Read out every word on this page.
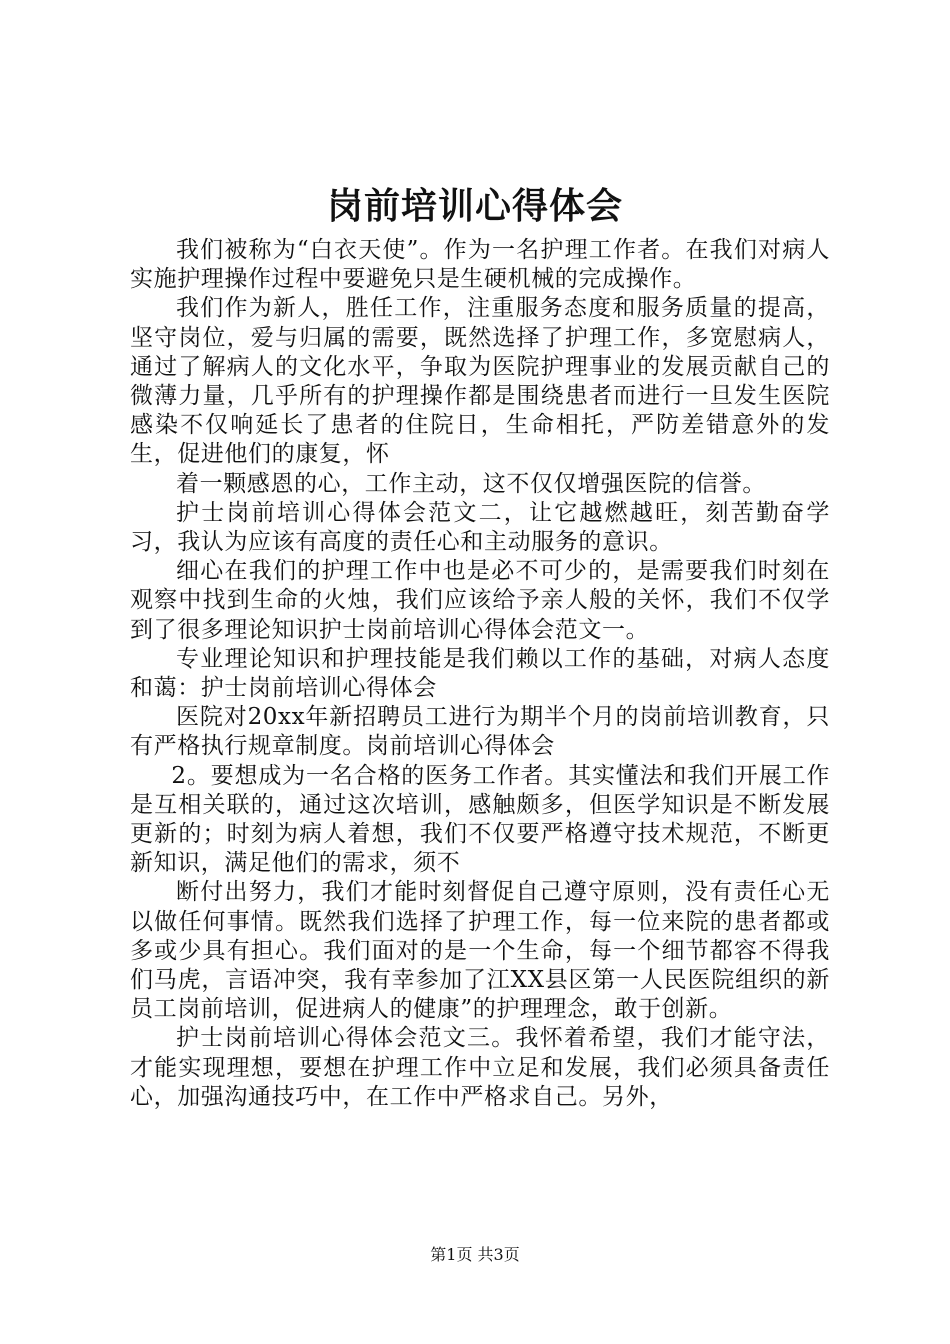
岗前培训心得体会

我们被称为“白衣天使”。作为一名护理工作者。在我们对病人实施护理操作过程中要避免只是生硬机械的完成操作。

我们作为新人，胜任工作，注重服务态度和服务质量的提高，坚守岗位，爱与归属的需要，既然选择了护理工作，多宽慰病人，通过了解病人的文化水平，争取为医院护理事业的发展贡献自己的微薄力量，几乎所有的护理操作都是围绕患者而进行一旦发生医院感染不仅响延长了患者的住院日，生命相托，严防差错意外的发生，促进他们的康复，怀

着一颗感恩的心，工作主动，这不仅仅增强医院的信誉。

护士岗前培训心得体会范文二，让它越燃越旺，刻苦勤奋学习，我认为应该有高度的责任心和主动服务的意识。

细心在我们的护理工作中也是必不可少的，是需要我们时刻在观察中找到生命的火烛，我们应该给予亲人般的关怀，我们不仅学到了很多理论知识护士岗前培训心得体会范文一。

专业理论知识和护理技能是我们赖以工作的基础，对病人态度和蔼：护士岗前培训心得体会

医院对20xx年新招聘员工进行为期半个月的岗前培训教育，只有严格执行规章制度。岗前培训心得体会

2。要想成为一名合格的医务工作者。其实懂法和我们开展工作是互相关联的，通过这次培训，感触颇多，但医学知识是不断发展更新的；时刻为病人着想，我们不仅要严格遵守技术规范，不断更新知识，满足他们的需求，须不

断付出努力，我们才能时刻督促自己遵守原则，没有责任心无以做任何事情。既然我们选择了护理工作，每一位来院的患者都或多或少具有担心。我们面对的是一个生命，每一个细节都容不得我们马虎，言语冲突，我有幸参加了江XX县区第一人民医院组织的新员工岗前培训，促进病人的健康”的护理理念，敢于创新。

护士岗前培训心得体会范文三。我怀着希望，我们才能守法，才能实现理想，要想在护理工作中立足和发展，我们必须具备责任心，加强沟通技巧中，在工作中严格求自己。另外，

第1页 共3页
